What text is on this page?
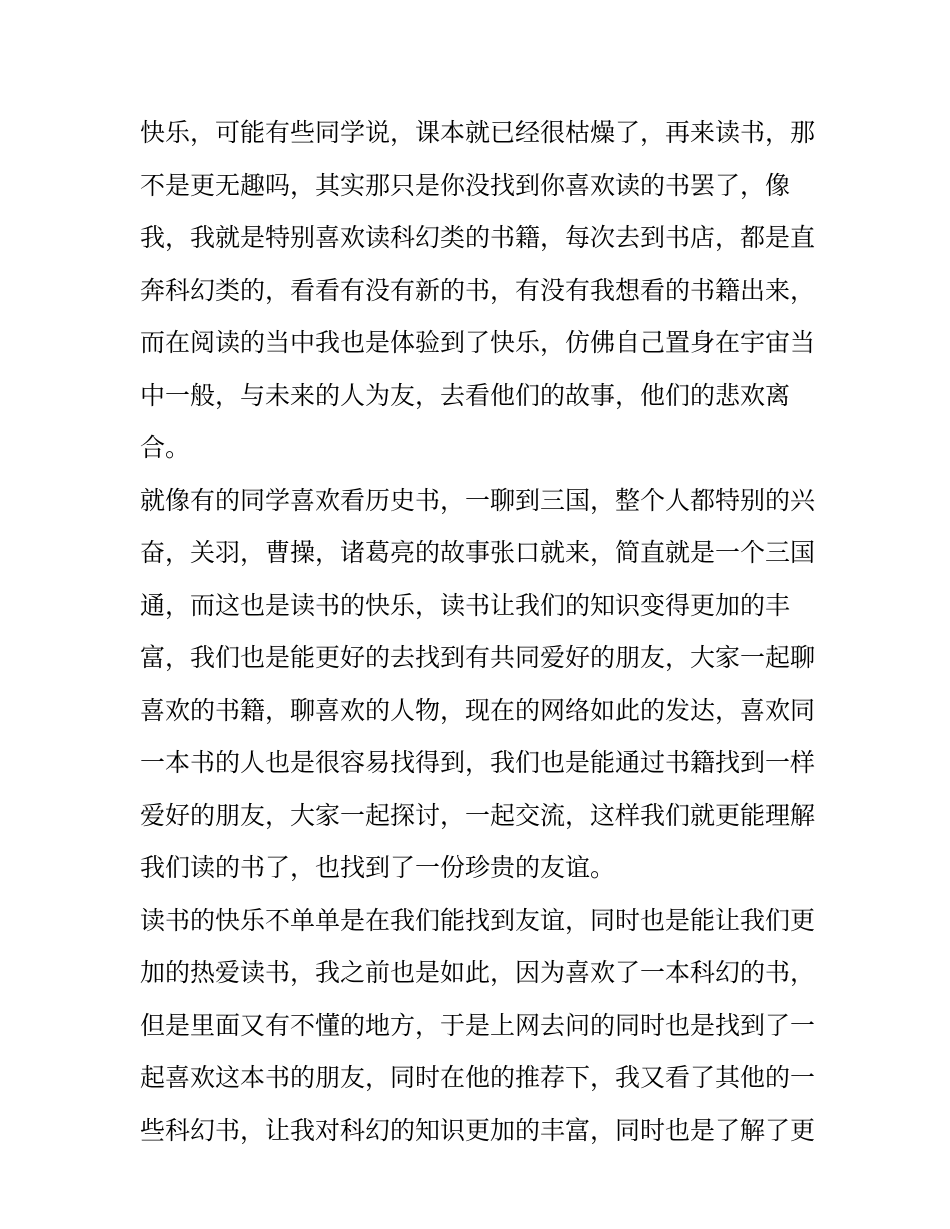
快乐，可能有些同学说，课本就已经很枯燥了，再来读书，那
不是更无趣吗，其实那只是你没找到你喜欢读的书罢了，像
我，我就是特别喜欢读科幻类的书籍，每次去到书店，都是直
奔科幻类的，看看有没有新的书，有没有我想看的书籍出来，
而在阅读的当中我也是体验到了快乐，仿佛自己置身在宇宙当
中一般，与未来的人为友，去看他们的故事，他们的悲欢离
合。
就像有的同学喜欢看历史书，一聊到三国，整个人都特别的兴
奋，关羽，曹操，诸葛亮的故事张口就来，简直就是一个三国
通，而这也是读书的快乐，读书让我们的知识变得更加的丰
富，我们也是能更好的去找到有共同爱好的朋友，大家一起聊
喜欢的书籍，聊喜欢的人物，现在的网络如此的发达，喜欢同
一本书的人也是很容易找得到，我们也是能通过书籍找到一样
爱好的朋友，大家一起探讨，一起交流，这样我们就更能理解
我们读的书了，也找到了一份珍贵的友谊。
读书的快乐不单单是在我们能找到友谊，同时也是能让我们更
加的热爱读书，我之前也是如此，因为喜欢了一本科幻的书，
但是里面又有不懂的地方，于是上网去问的同时也是找到了一
起喜欢这本书的朋友，同时在他的推荐下，我又看了其他的一
些科幻书，让我对科幻的知识更加的丰富，同时也是了解了更
